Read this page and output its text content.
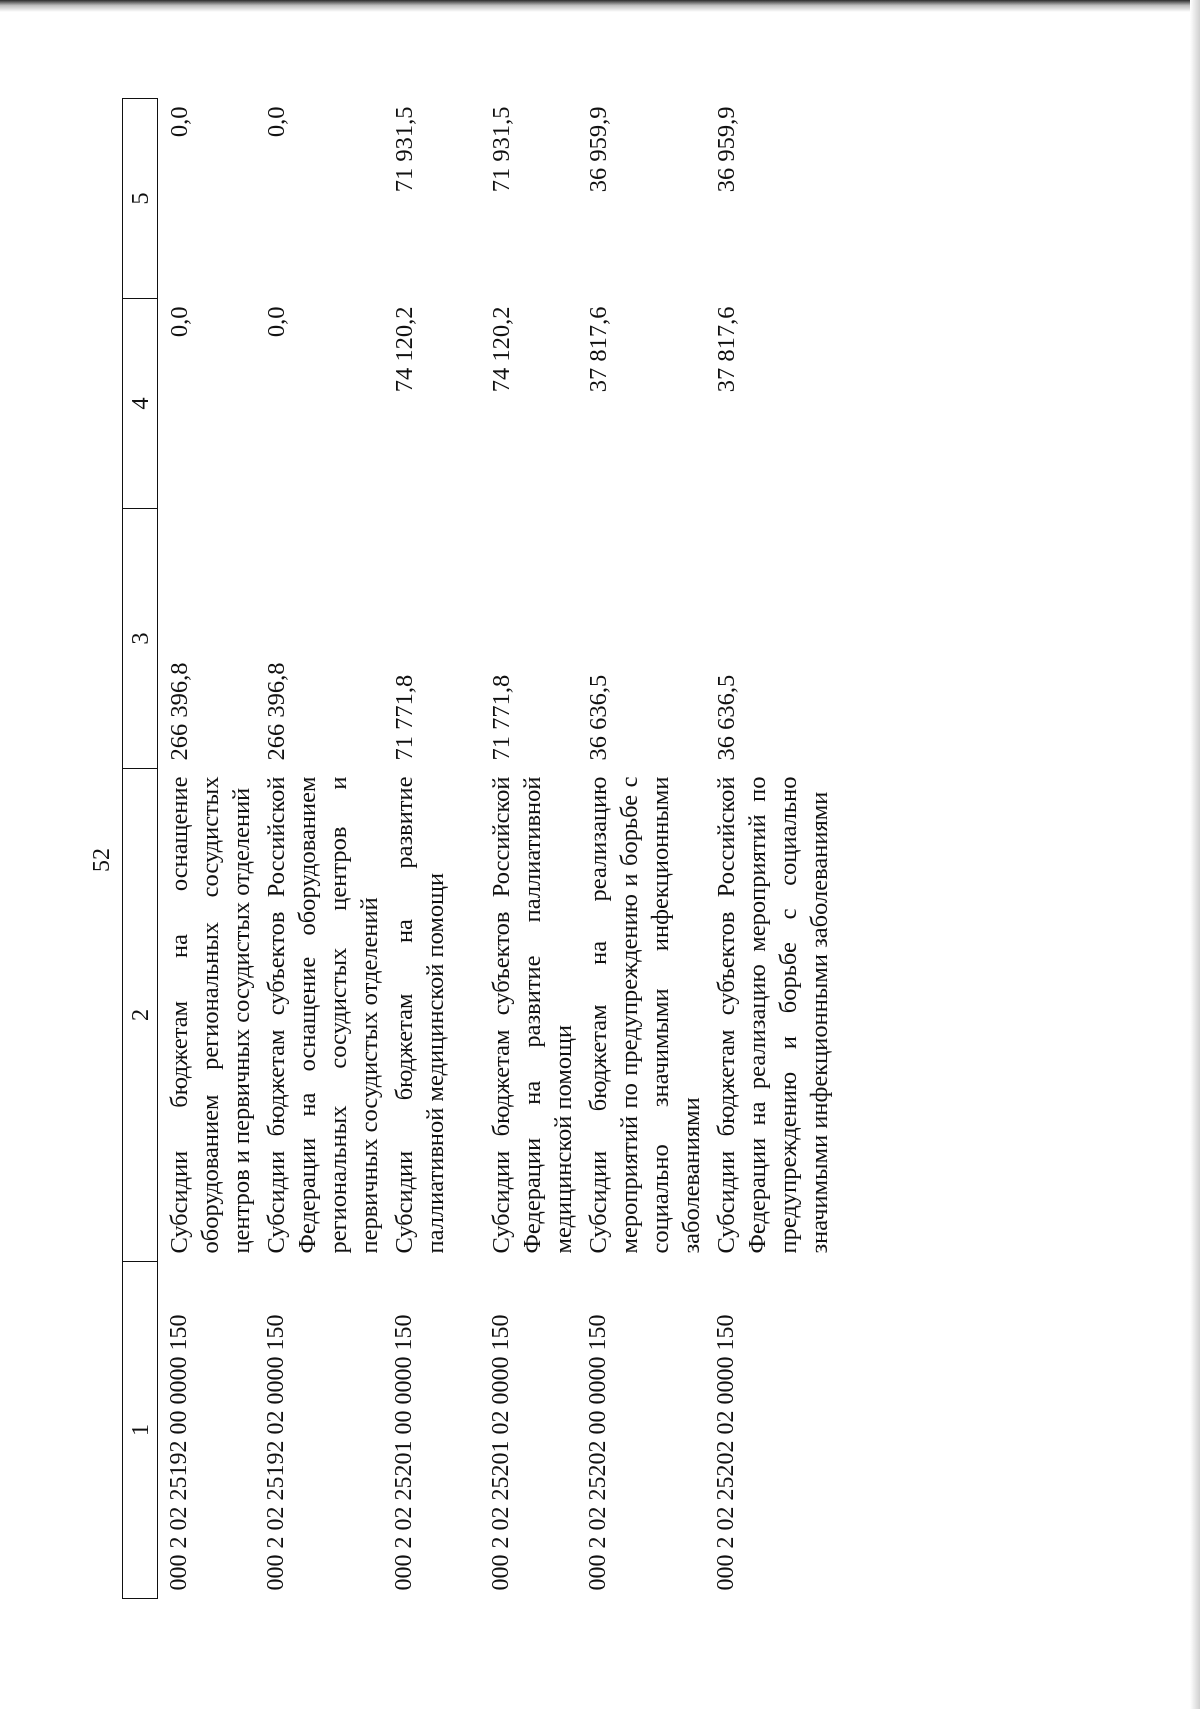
52
1	2	3	4	5
000 2 02 25192 00 0000 150	Субсидии бюджетам на оснащение оборудованием региональных сосудистых центров и первичных сосудистых отделений	266 396,8	0,0	0,0
000 2 02 25192 02 0000 150	Субсидии бюджетам субъектов Российской Федерации на оснащение оборудованием региональных сосудистых центров и первичных сосудистых отделений	266 396,8	0,0	0,0
000 2 02 25201 00 0000 150	Субсидии бюджетам на развитие паллиативной медицинской помощи	71 771,8	74 120,2	71 931,5
000 2 02 25201 02 0000 150	Субсидии бюджетам субъектов Российской Федерации на развитие паллиативной медицинской помощи	71 771,8	74 120,2	71 931,5
000 2 02 25202 00 0000 150	Субсидии бюджетам на реализацию мероприятий по предупреждению и борьбе с социально значимыми инфекционными заболеваниями	36 636,5	37 817,6	36 959,9
000 2 02 25202 02 0000 150	Субсидии бюджетам субъектов Российской Федерации на реализацию мероприятий по предупреждению и борьбе с социально значимыми инфекционными заболеваниями	36 636,5	37 817,6	36 959,9
